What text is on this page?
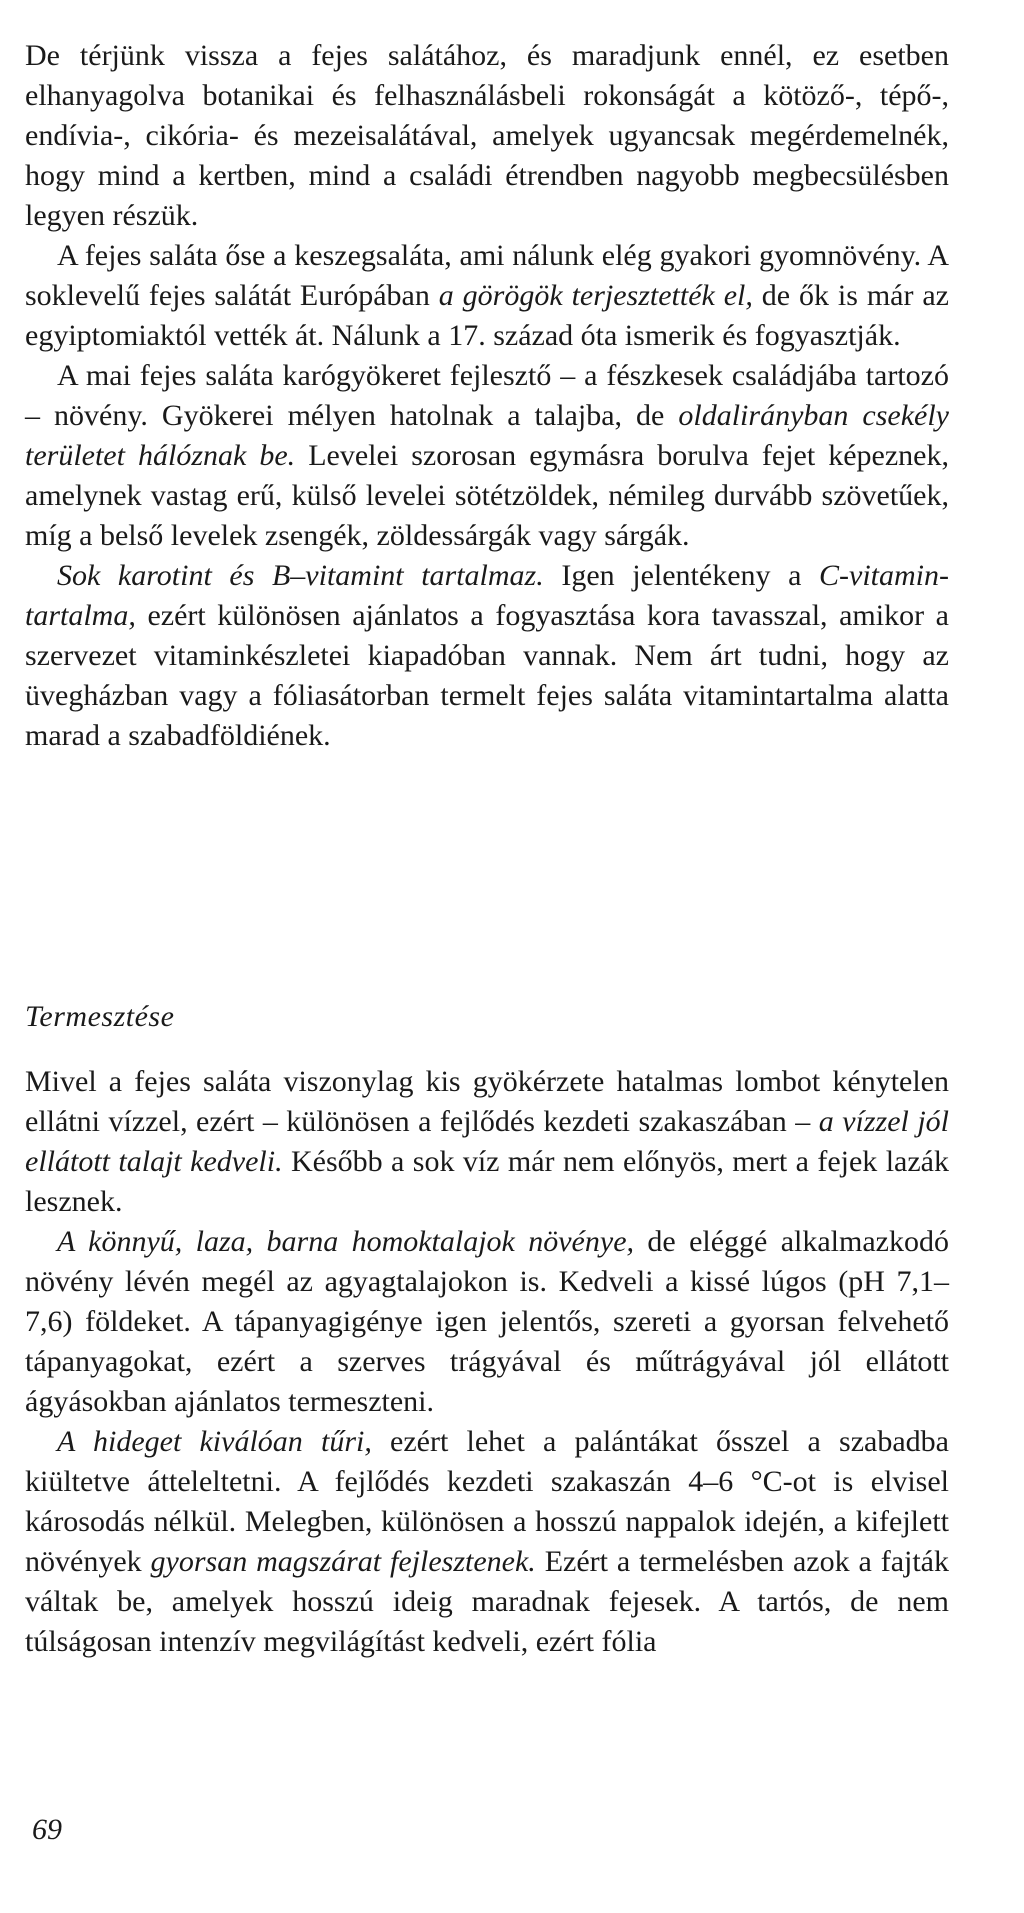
De térjünk vissza a fejes salátához, és maradjunk ennél, ez esetben elhanyagolva botanikai és felhasználásbeli rokonságát a kötöző-, tépő-, endívia-, cikória- és mezeisalátával, amelyek ugyancsak megérdemelnék, hogy mind a kertben, mind a családi étrendben nagyobb megbecsülésben legyen részük.

A fejes saláta őse a keszegsaláta, ami nálunk elég gyakori gyomnövény. A soklevelű fejes salátát Európában a görögök terjesztették el, de ők is már az egyiptomiaktól vették át. Nálunk a 17. század óta ismerik és fogyasztják.

A mai fejes saláta karógyökeret fejlesztő – a fészkesek családjába tartozó – növény. Gyökerei mélyen hatolnak a talajba, de oldalirányban csekély területet hálóznak be. Levelei szorosan egymásra borulva fejet képeznek, amelynek vastag erű, külső levelei sötétzöldek, némileg durvább szövetűek, míg a belső levelek zsengék, zöldessárgák vagy sárgák.

Sok karotint és B–vitamint tartalmaz. Igen jelentékeny a C-vitamin-tartalma, ezért különösen ajánlatos a fogyasztása kora tavasszal, amikor a szervezet vitaminkészletei kiapadóban vannak. Nem árt tudni, hogy az üvegházban vagy a fóliasátorban termelt fejes saláta vitamintartalma alatta marad a szabadföldiének.

Termesztése

Mivel a fejes saláta viszonylag kis gyökérzete hatalmas lombot kénytelen ellátni vízzel, ezért – különösen a fejlődés kezdeti szakaszában – a vízzel jól ellátott talajt kedveli. Később a sok víz már nem előnyös, mert a fejek lazák lesznek.

A könnyű, laza, barna homoktalajok növénye, de eléggé alkalmazkodó növény lévén megél az agyagtalajokon is. Kedveli a kissé lúgos (pH 7,1–7,6) földeket. A tápanyagigénye igen jelentős, szereti a gyorsan felvehető tápanyagokat, ezért a szerves trágyával és műtrágyával jól ellátott ágyásokban ajánlatos termeszteni.

A hideget kiválóan tűri, ezért lehet a palántákat ősszel a szabadba kiültetve átteleltetni. A fejlődés kezdeti szakaszán 4–6 °C-ot is elvisel károsodás nélkül. Melegben, különösen a hosszú nappalok idején, a kifejlett növények gyorsan magszárat fejlesztenek. Ezért a termelésben azok a fajták váltak be, amelyek hosszú ideig maradnak fejesek. A tartós, de nem túlságosan intenzív megvilágítást kedveli, ezért fólia

69
